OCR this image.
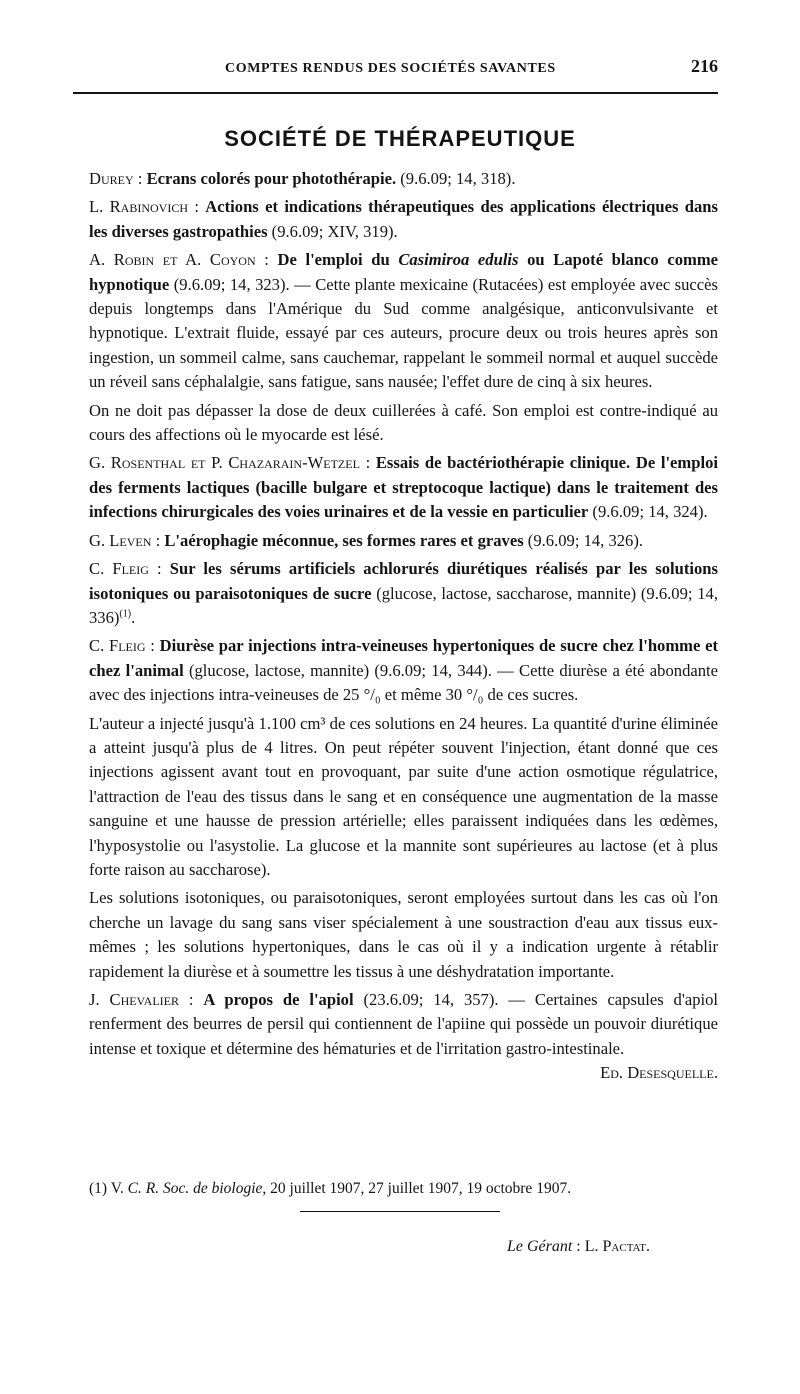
COMPTES RENDUS DES SOCIÉTÉS SAVANTES	216
SOCIÉTÉ DE THÉRAPEUTIQUE

Durey : Ecrans colorés pour photothérapie. (9.6.09; 14, 318).

L. Rabinovich : Actions et indications thérapeutiques des applications électriques dans les diverses gastropathies (9.6.09; XIV, 319).

A. Robin et A. Coyon : De l'emploi du Casimiroa edulis ou Lapoté blanco comme hypnotique (9.6.09; 14, 323). — Cette plante mexicaine (Rutacées) est employée avec succès depuis longtemps dans l'Amérique du Sud comme analgésique, anticonvulsivante et hypnotique. L'extrait fluide, essayé par ces auteurs, procure deux ou trois heures après son ingestion, un sommeil calme, sans cauchemar, rappelant le sommeil normal et auquel succède un réveil sans céphalalgie, sans fatigue, sans nausée; l'effet dure de cinq à six heures.

On ne doit pas dépasser la dose de deux cuillerées à café. Son emploi est contre-indiqué au cours des affections où le myocarde est lésé.

G. Rosenthal et P. Chazarain-Wetzel : Essais de bactériothérapie clinique. De l'emploi des ferments lactiques (bacille bulgare et streptocoque lactique) dans le traitement des infections chirurgicales des voies urinaires et de la vessie en particulier (9.6.09; 14, 324).

G. Leven : L'aérophagie méconnue, ses formes rares et graves (9.6.09; 14, 326).

C. Fleig : Sur les sérums artificiels achlorurés diurétiques réalisés par les solutions isotoniques ou paraisotoniques de sucre (glucose, lactose, saccharose, mannite) (9.6.09; 14, 336)$^{(1)}$.

C. Fleig : Diurèse par injections intra-veineuses hypertoniques de sucre chez l'homme et chez l'animal (glucose, lactose, mannite) (9.6.09; 14, 344). — Cette diurèse a été abondante avec des injections intra-veineuses de 25 °/₀ et même 30 °/₀ de ces sucres.

L'auteur a injecté jusqu'à 1.100 cm³ de ces solutions en 24 heures. La quantité d'urine éliminée a atteint jusqu'à plus de 4 litres. On peut répéter souvent l'injection, étant donné que ces injections agissent avant tout en provoquant, par suite d'une action osmotique régulatrice, l'attraction de l'eau des tissus dans le sang et en conséquence une augmentation de la masse sanguine et une hausse de pression artérielle; elles paraissent indiquées dans les œdèmes, l'hyposystolie ou l'asystolie. La glucose et la mannite sont supérieures au lactose (et à plus forte raison au saccharose).

Les solutions isotoniques, ou paraisotoniques, seront employées surtout dans les cas où l'on cherche un lavage du sang sans viser spécialement à une soustraction d'eau aux tissus eux-mêmes ; les solutions hypertoniques, dans le cas où il y a indication urgente à rétablir rapidement la diurèse et à soumettre les tissus à une déshydratation importante.

J. Chevalier : A propos de l'apiol (23.6.09; 14, 357). — Certaines capsules d'apiol renferment des beurres de persil qui contiennent de l'apiine qui possède un pouvoir diurétique intense et toxique et détermine des hématuries et de l'irritation gastro-intestinale.
Ed. Desesquelle.

(1) V. C. R. Soc. de biologie, 20 juillet 1907, 27 juillet 1907, 19 octobre 1907.
Le Gérant : L. Pactat.
